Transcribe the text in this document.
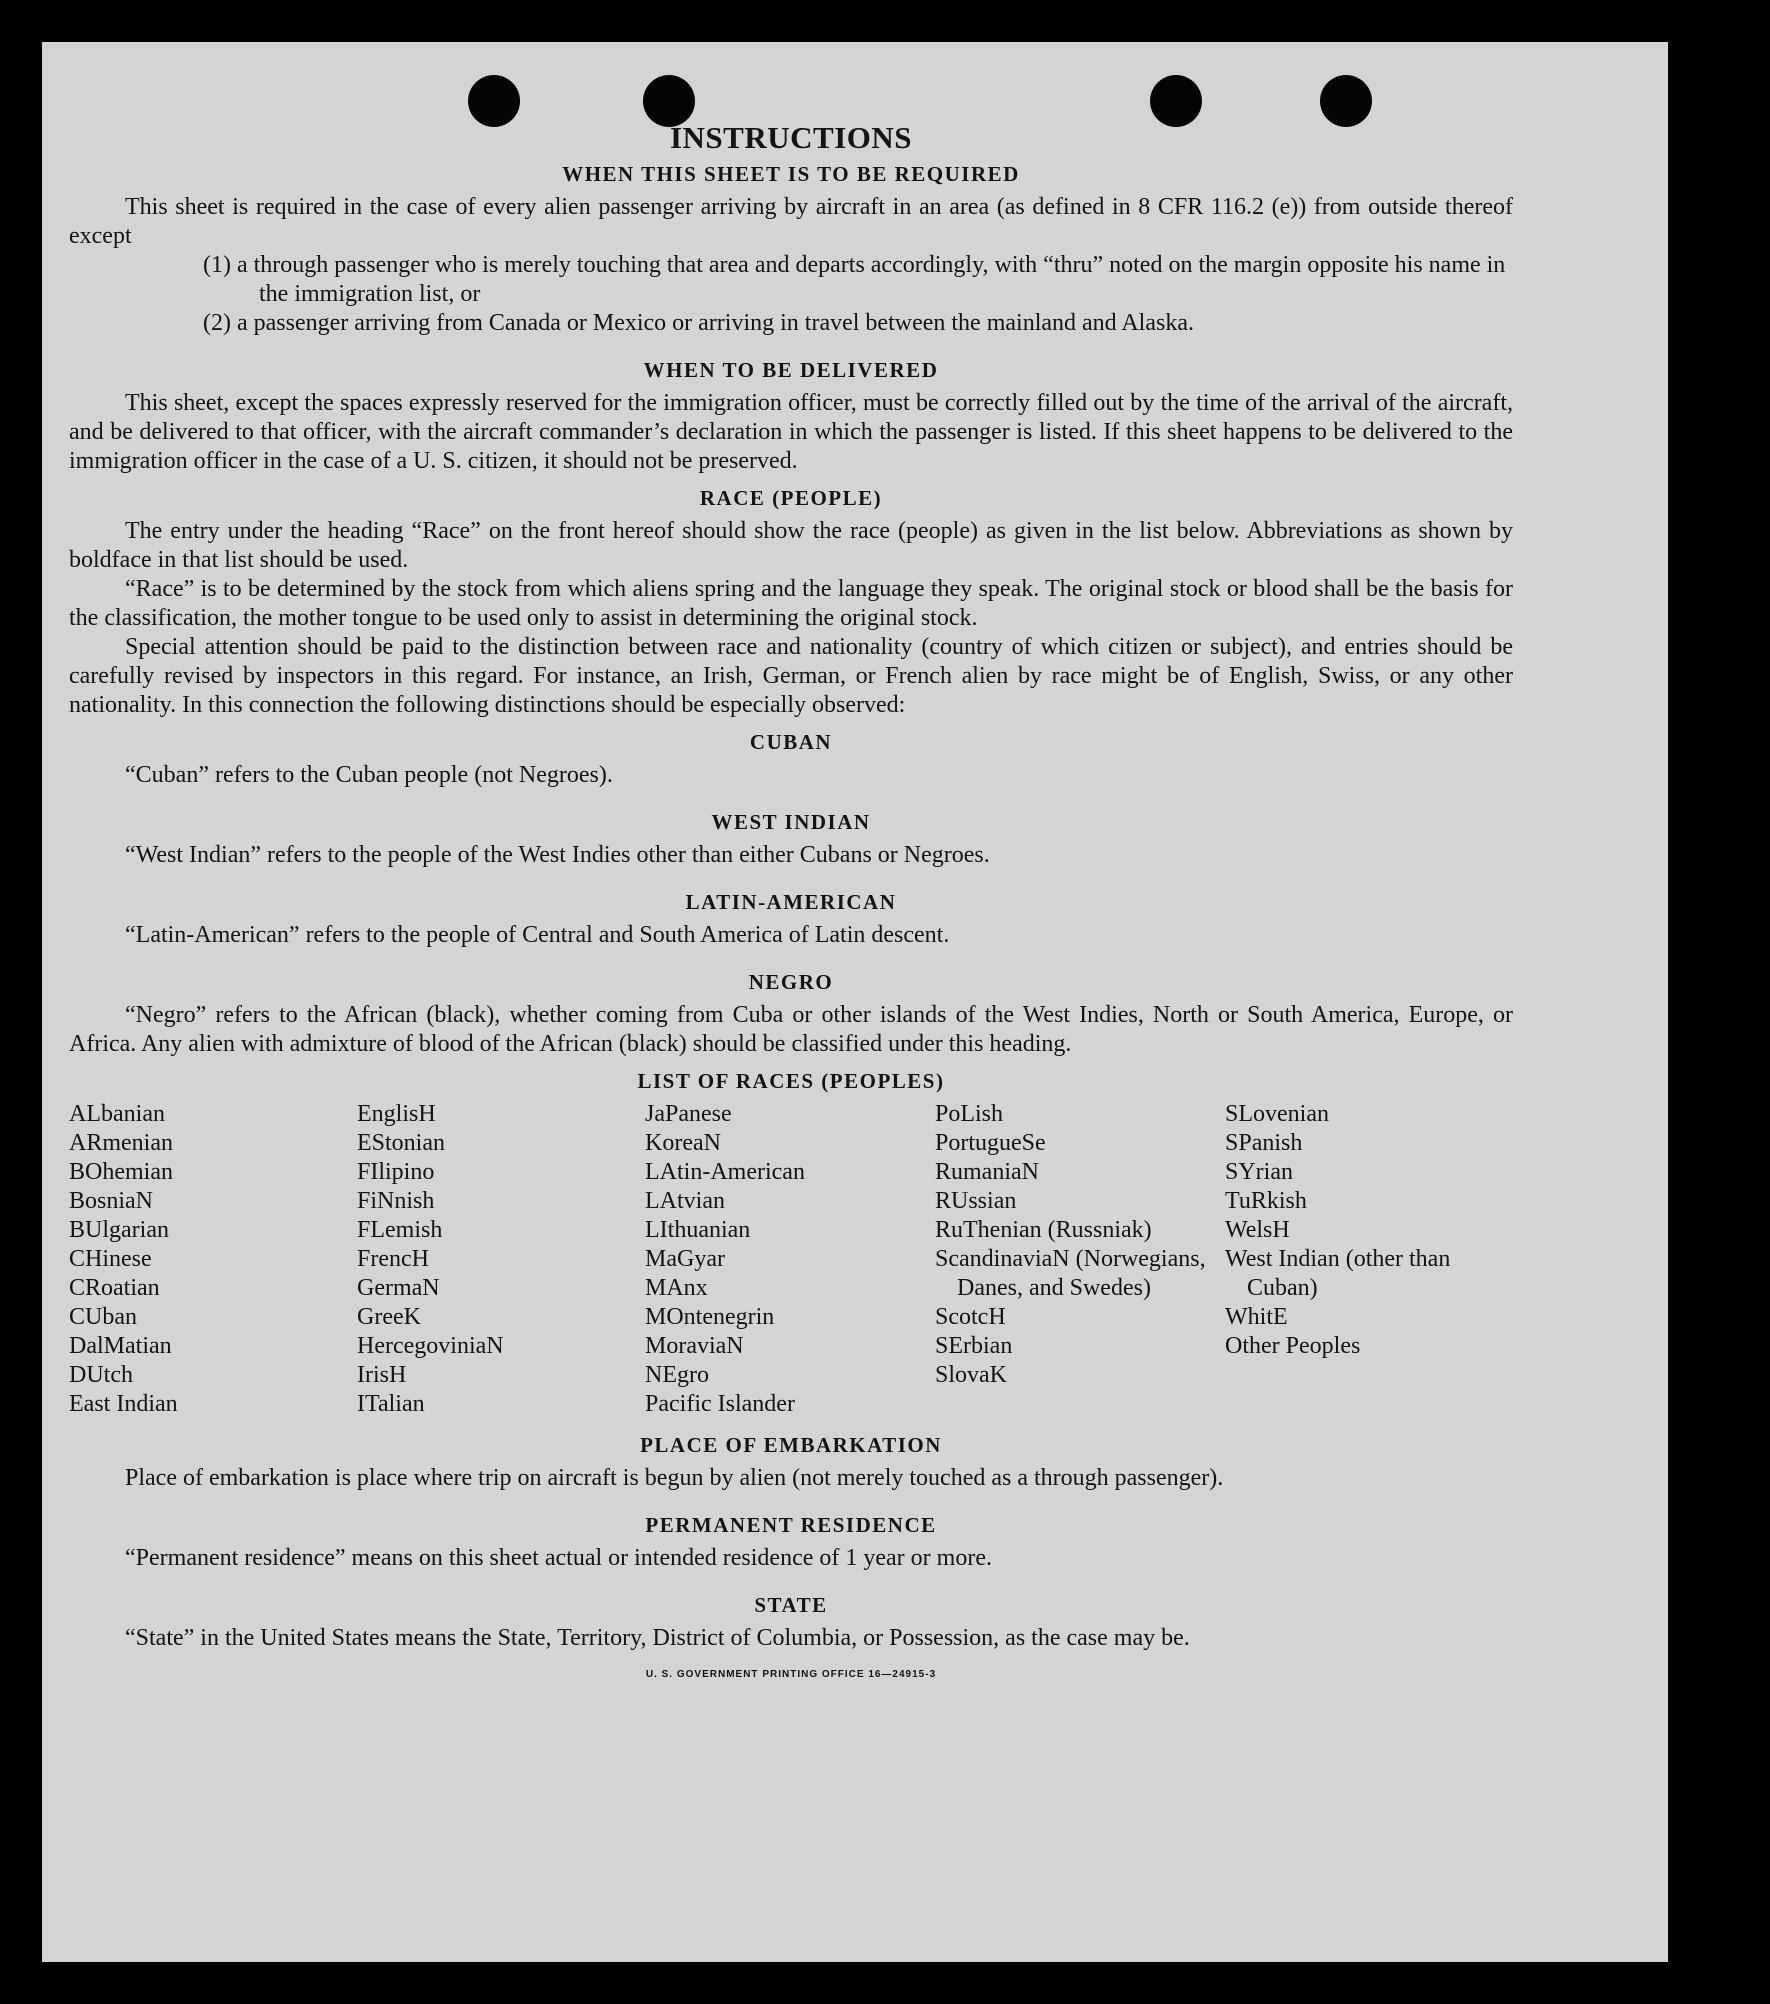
INSTRUCTIONS
WHEN THIS SHEET IS TO BE REQUIRED

This sheet is required in the case of every alien passenger arriving by aircraft in an area (as defined in 8 CFR 116.2 (e)) from outside thereof except

(1) a through passenger who is merely touching that area and departs accordingly, with “thru” noted on the margin opposite his name in the immigration list, or
(2) a passenger arriving from Canada or Mexico or arriving in travel between the mainland and Alaska.
WHEN TO BE DELIVERED

This sheet, except the spaces expressly reserved for the immigration officer, must be correctly filled out by the time of the arrival of the aircraft, and be delivered to that officer, with the aircraft commander’s declaration in which the passenger is listed. If this sheet happens to be delivered to the immigration officer in the case of a U. S. citizen, it should not be preserved.

RACE (PEOPLE)

The entry under the heading “Race” on the front hereof should show the race (people) as given in the list below. Abbreviations as shown by boldface in that list should be used.

“Race” is to be determined by the stock from which aliens spring and the language they speak. The original stock or blood shall be the basis for the classification, the mother tongue to be used only to assist in determining the original stock.

Special attention should be paid to the distinction between race and nationality (country of which citizen or subject), and entries should be carefully revised by inspectors in this regard. For instance, an Irish, German, or French alien by race might be of English, Swiss, or any other nationality. In this connection the following distinctions should be especially observed:

CUBAN

“Cuban” refers to the Cuban people (not Negroes).

WEST INDIAN

“West Indian” refers to the people of the West Indies other than either Cubans or Negroes.

LATIN-AMERICAN

“Latin-American” refers to the people of Central and South America of Latin descent.

NEGRO

“Negro” refers to the African (black), whether coming from Cuba or other islands of the West Indies, North or South America, Europe, or Africa. Any alien with admixture of blood of the African (black) should be classified under this heading.

LIST OF RACES (PEOPLES)
ALbanian
ARmenian
BOhemian
BosniaN
BUlgarian
CHinese
CRoatian
CUban
DalMatian
DUtch
East Indian
EnglisH
EStonian
FIlipino
FiNnish
FLemish
FrencH
GermaN
GreeK
HercegoviniaN
IrisH
ITalian
JaPanese
KoreaN
LAtin-American
LAtvian
LIthuanian
MaGyar
MAnx
MOntenegrin
MoraviaN
NEgro
Pacific Islander
PoLish
PortugueSe
RumaniaN
RUssian
RuThenian (Russniak)
ScandinaviaN (Norwegians, Danes, and Swedes)
ScotcH
SErbian
SlovaK
SLovenian
SPanish
SYrian
TuRkish
WelsH
West Indian (other than Cuban)
WhitE
Other Peoples
PLACE OF EMBARKATION

Place of embarkation is place where trip on aircraft is begun by alien (not merely touched as a through passenger).

PERMANENT RESIDENCE

“Permanent residence” means on this sheet actual or intended residence of 1 year or more.

STATE

“State” in the United States means the State, Territory, District of Columbia, or Possession, as the case may be.

U. S. GOVERNMENT PRINTING OFFICE 16—24915-3
